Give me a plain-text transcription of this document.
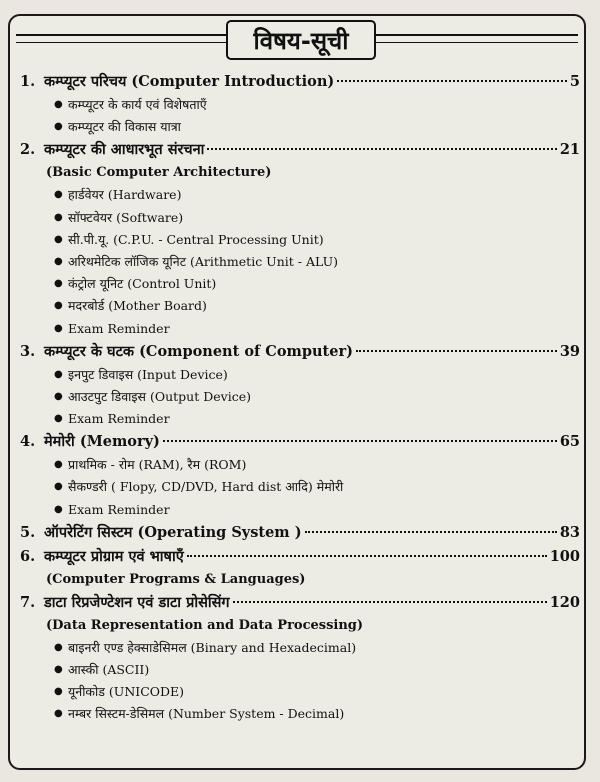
विषय-सूची
1. कम्प्यूटर परिचय (Computer Introduction)	5
● कम्प्यूटर के कार्य एवं विशेषताएँ
● कम्प्यूटर की विकास यात्रा
2. कम्प्यूटर की आधारभूत संरचना	21
(Basic Computer Architecture)
● हार्डवेयर (Hardware)
● सॉफ्टवेयर (Software)
● सी.पी.यू. (C.P.U. - Central Processing Unit)
● अरिथमेटिक लॉजिक यूनिट (Arithmetic Unit - ALU)
● कंट्रोल यूनिट (Control Unit)
● मदरबोर्ड (Mother Board)
● Exam Reminder
3. कम्प्यूटर के घटक (Component of Computer)	39
● इनपुट डिवाइस (Input Device)
● आउटपुट डिवाइस (Output Device)
● Exam Reminder
4. मेमोरी (Memory)	65
● प्राथमिक - रोम (RAM), रैम (ROM)
● सैकण्डरी ( Flopy, CD/DVD, Hard dist आदि) मेमोरी
● Exam Reminder
5. ऑपरेटिंग सिस्टम (Operating System )	83
6. कम्प्यूटर प्रोग्राम एवं भाषाएँ	100
(Computer Programs & Languages)
7. डाटा रिप्रजेण्टेशन एवं डाटा प्रोसेसिंग	120
(Data Representation and Data Processing)
● बाइनरी एण्ड हेक्साडेसिमल (Binary and Hexadecimal)
● आस्की (ASCII)
● यूनीकोड (UNICODE)
● नम्बर सिस्टम-डेसिमल (Number System - Decimal)
